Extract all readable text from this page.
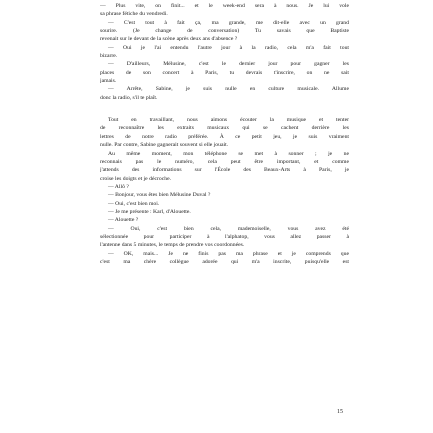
— Plus vite, on finit... et le week-end sera à nous. Je lui vole

sa phrase fétiche du vendredi.

— C'est tout à fait ça, ma grande, me dit-elle avec un grand

sourire. (Je change de conversation) Tu savais que Baptiste

revenait sur le devant de la scène après deux ans d'absence ?

— Oui je l'ai entendu l'autre jour à la radio, cela m'a fait tout

bizarre.

— D'ailleurs, Mélusine, c'est le dernier jour pour gagner les

places de son concert à Paris, tu devrais t'inscrire, on ne sait

jamais.

— Arrête, Sabine, je suis nulle en culture musicale. Allume

donc la radio, s'il te plaît.

Tout en travaillant, nous aimons écouter la musique et tenter

de reconnaître les extraits musicaux qui se cachent derrière les

lettres de notre radio préférée. À ce petit jeu, je suis vraiment

nulle. Par contre, Sabine gagnerait souvent si elle jouait.

Au même moment, mon téléphone se met à sonner ; je ne

reconnais pas le numéro, cela peut être important, et comme

j'attends des informations sur l'École des Beaux-Arts à Paris, je

croise les doigts et je décroche.

— Allô ?

— Bonjour, vous êtes bien Mélusine Duval ?

— Oui, c'est bien moi.

— Je me présente : Karl, d'Alouette.

— Alouette ?

— Oui, c'est bien cela, mademoiselle, vous avez été

sélectionnée pour participer à l'alphatop, vous allez passer à

l'antenne dans 5 minutes, le temps de prendre vos coordonnées.

— OK, mais... Je ne finis pas ma phrase et je comprends que

c'est ma chère collègue adorée qui m'a inscrite, puisqu'elle est

15
